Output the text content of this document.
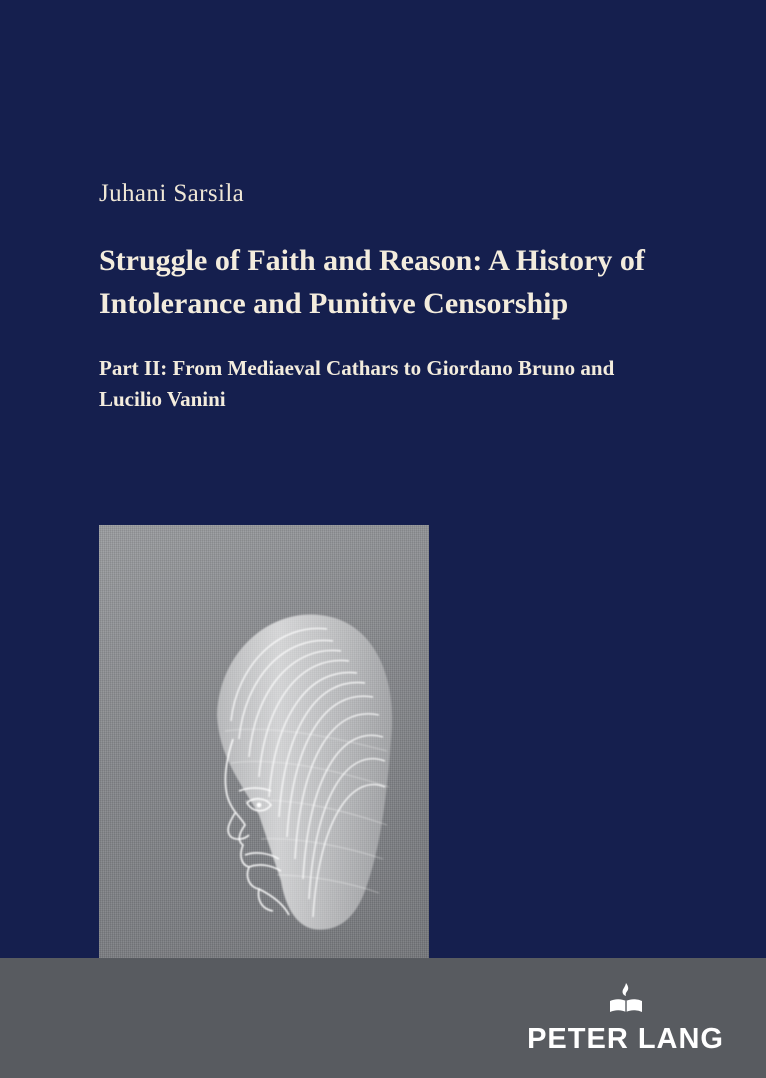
Juhani Sarsila
Struggle of Faith and Reason: A History of Intolerance and Punitive Censorship
Part II: From Mediaeval Cathars to Giordano Bruno and Lucilio Vanini
PETER LANG
